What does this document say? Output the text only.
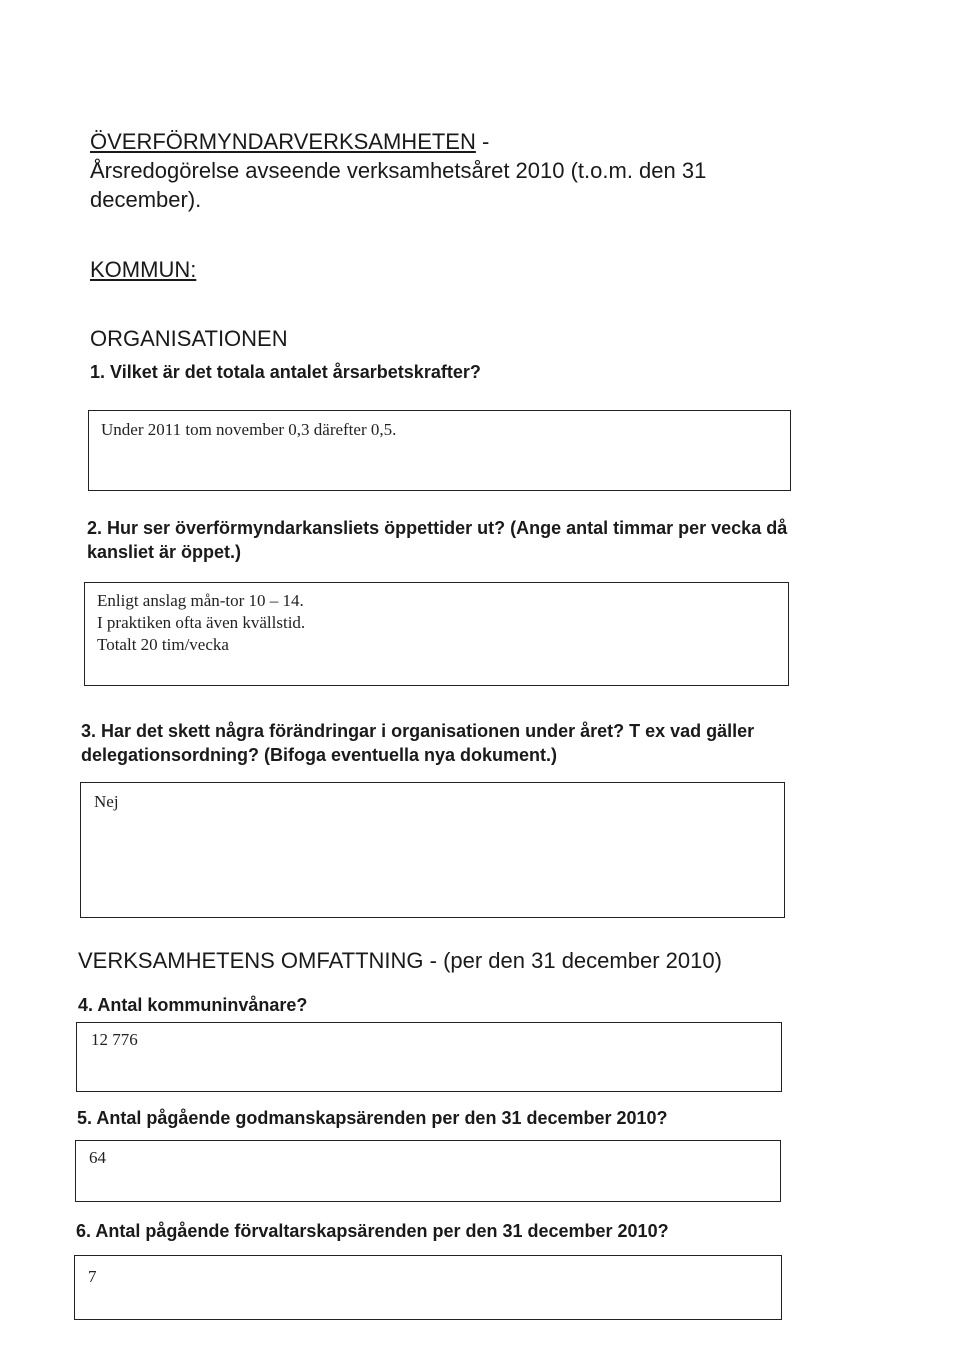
ÖVERFÖRMYNDARVERKSAMHETEN -
Årsredogörelse avseende verksamhetsåret 2010 (t.o.m. den 31 december).
KOMMUN:
ORGANISATIONEN
1. Vilket är det totala antalet årsarbetskrafter?
Under 2011 tom november 0,3 därefter 0,5.
2. Hur ser överförmyndarkansliets öppettider ut? (Ange antal timmar per vecka då kansliet är öppet.)
Enligt anslag mån-tor 10 – 14.
I praktiken ofta även kvällstid.
Totalt 20 tim/vecka
3. Har det skett några förändringar i organisationen under året? T ex vad gäller delegationsordning? (Bifoga eventuella nya dokument.)
Nej
VERKSAMHETENS OMFATTNING - (per den 31 december 2010)
4. Antal kommuninvånare?
12 776
5. Antal pågående godmanskapsärenden per den 31 december 2010?
64
6. Antal pågående förvaltarskapsärenden per den 31 december 2010?
7
